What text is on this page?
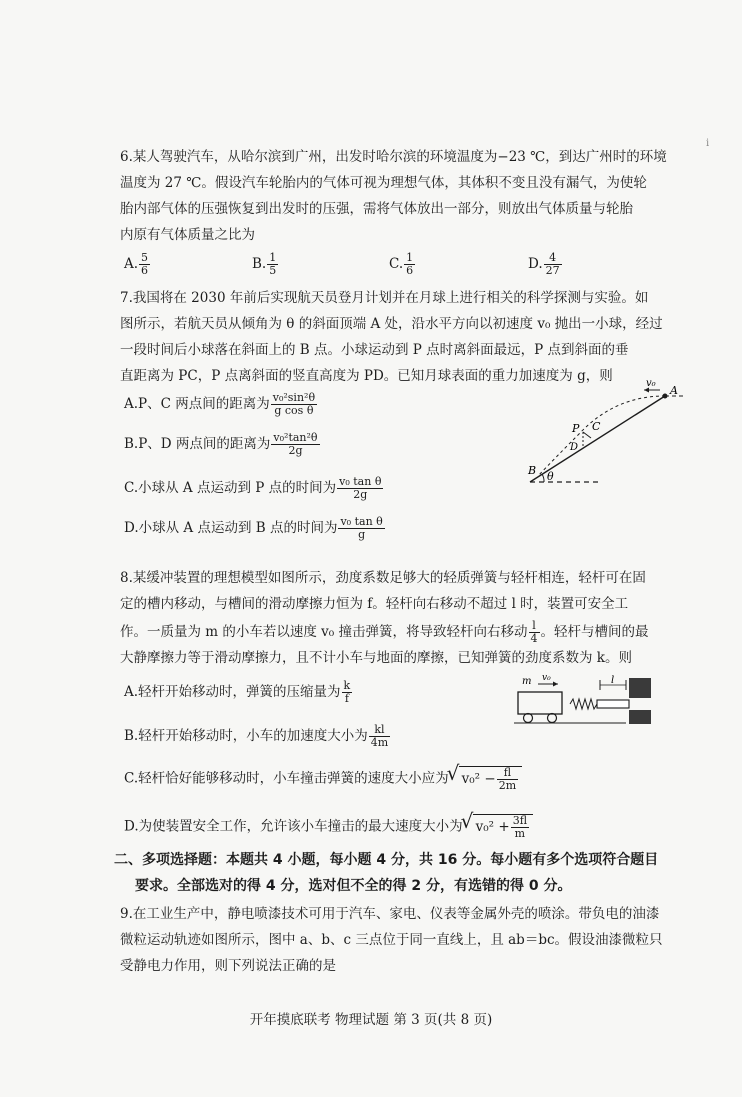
i
6.某人驾驶汽车，从哈尔滨到广州，出发时哈尔滨的环境温度为−23 ℃，到达广州时的环境
温度为 27 ℃。假设汽车轮胎内的气体可视为理想气体，其体积不变且没有漏气，为使轮
胎内部气体的压强恢复到出发时的压强，需将气体放出一部分，则放出气体质量与轮胎
内原有气体质量之比为
A. $\frac{5}{6}$	B. $\frac{1}{5}$	C. $\frac{1}{6}$	D. $\frac{4}{27}$
7.我国将在 2030 年前后实现航天员登月计划并在月球上进行相关的科学探测与实验。如
图所示，若航天员从倾角为 θ 的斜面顶端 A 处，沿水平方向以初速度 v₀ 抛出一小球，经过
一段时间后小球落在斜面上的 B 点。小球运动到 P 点时离斜面最远，P 点到斜面的垂
直距离为 PC，P 点离斜面的竖直高度为 PD。已知月球表面的重力加速度为 g，则
A.P、C 两点间的距离为 $\frac{\text{v₀²sin²θ}}{\text{g cos θ}}$
B.P、D 两点间的距离为 $\frac{\text{v₀²tan²θ}}{2g}$
C.小球从 A 点运动到 P 点的时间为 $\frac{\text{v₀ tan θ}}{2g}$
D.小球从 A 点运动到 B 点的时间为 $\frac{\text{v₀ tan θ}}{g}$
v₀
A
P C
D
B θ
8.某缓冲装置的理想模型如图所示，劲度系数足够大的轻质弹簧与轻杆相连，轻杆可在固
定的槽内移动，与槽间的滑动摩擦力恒为 f。轻杆向右移动不超过 l 时，装置可安全工
作。一质量为 m 的小车若以速度 v₀ 撞击弹簧，将导致轻杆向右移动 $\frac{l}{4}$ 。轻杆与槽间的最
大静摩擦力等于滑动摩擦力，且不计小车与地面的摩擦，已知弹簧的劲度系数为 k。则
A.轻杆开始移动时，弹簧的压缩量为 $\frac{k}{f}$
B.轻杆开始移动时，小车的加速度大小为 $\frac{kl}{4m}$
C.轻杆恰好能够移动时，小车撞击弹簧的速度大小应为 √ $v_0^2 - \frac{fl}{2m}$
D.为使装置安全工作，允许该小车撞击的最大速度大小为 √ $v_0^2 + \frac{3fl}{m}$
m v₀	l
二、多项选择题：本题共 4 小题，每小题 4 分，共 16 分。每小题有多个选项符合题目
要求。全部选对的得 4 分，选对但不全的得 2 分，有选错的得 0 分。
9.在工业生产中，静电喷漆技术可用于汽车、家电、仪表等金属外壳的喷涂。带负电的油漆
微粒运动轨迹如图所示，图中 a、b、c 三点位于同一直线上，且 ab＝bc。假设油漆微粒只
受静电力作用，则下列说法正确的是
开年摸底联考 物理试题 第 3 页(共 8 页)
